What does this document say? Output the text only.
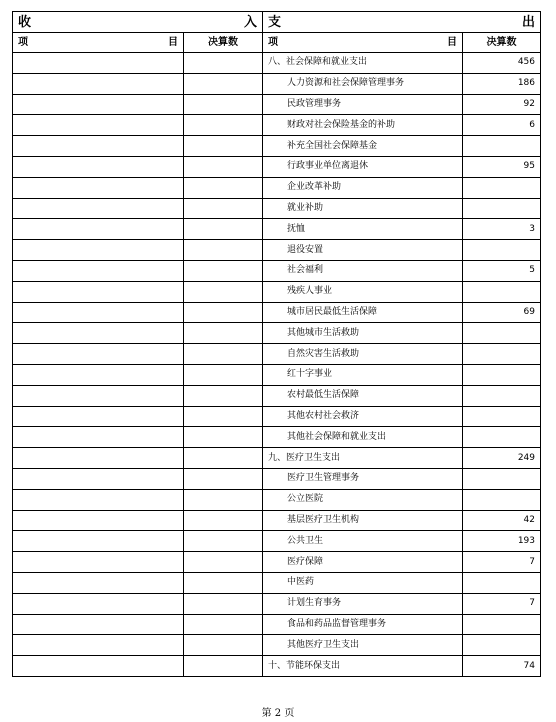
收 入		支 出	

项 目	决算数	项 目	决算数
		八、社会保障和就业支出	456
		人力资源和社会保障管理事务	186
		民政管理事务	92
		财政对社会保险基金的补助	6
		补充全国社会保障基金	
		行政事业单位离退休	95
		企业改革补助	
		就业补助	
		抚恤	3
		退役安置	
		社会福利	5
		残疾人事业	
		城市居民最低生活保障	69
		其他城市生活救助	
		自然灾害生活救助	
		红十字事业	
		农村最低生活保障	
		其他农村社会救济	
		其他社会保障和就业支出	
		九、医疗卫生支出	249
		医疗卫生管理事务	
		公立医院	
		基层医疗卫生机构	42
		公共卫生	193
		医疗保障	7
		中医药	
		计划生育事务	7
		食品和药品监督管理事务	
		其他医疗卫生支出	
		十、节能环保支出	74
第 2 页
